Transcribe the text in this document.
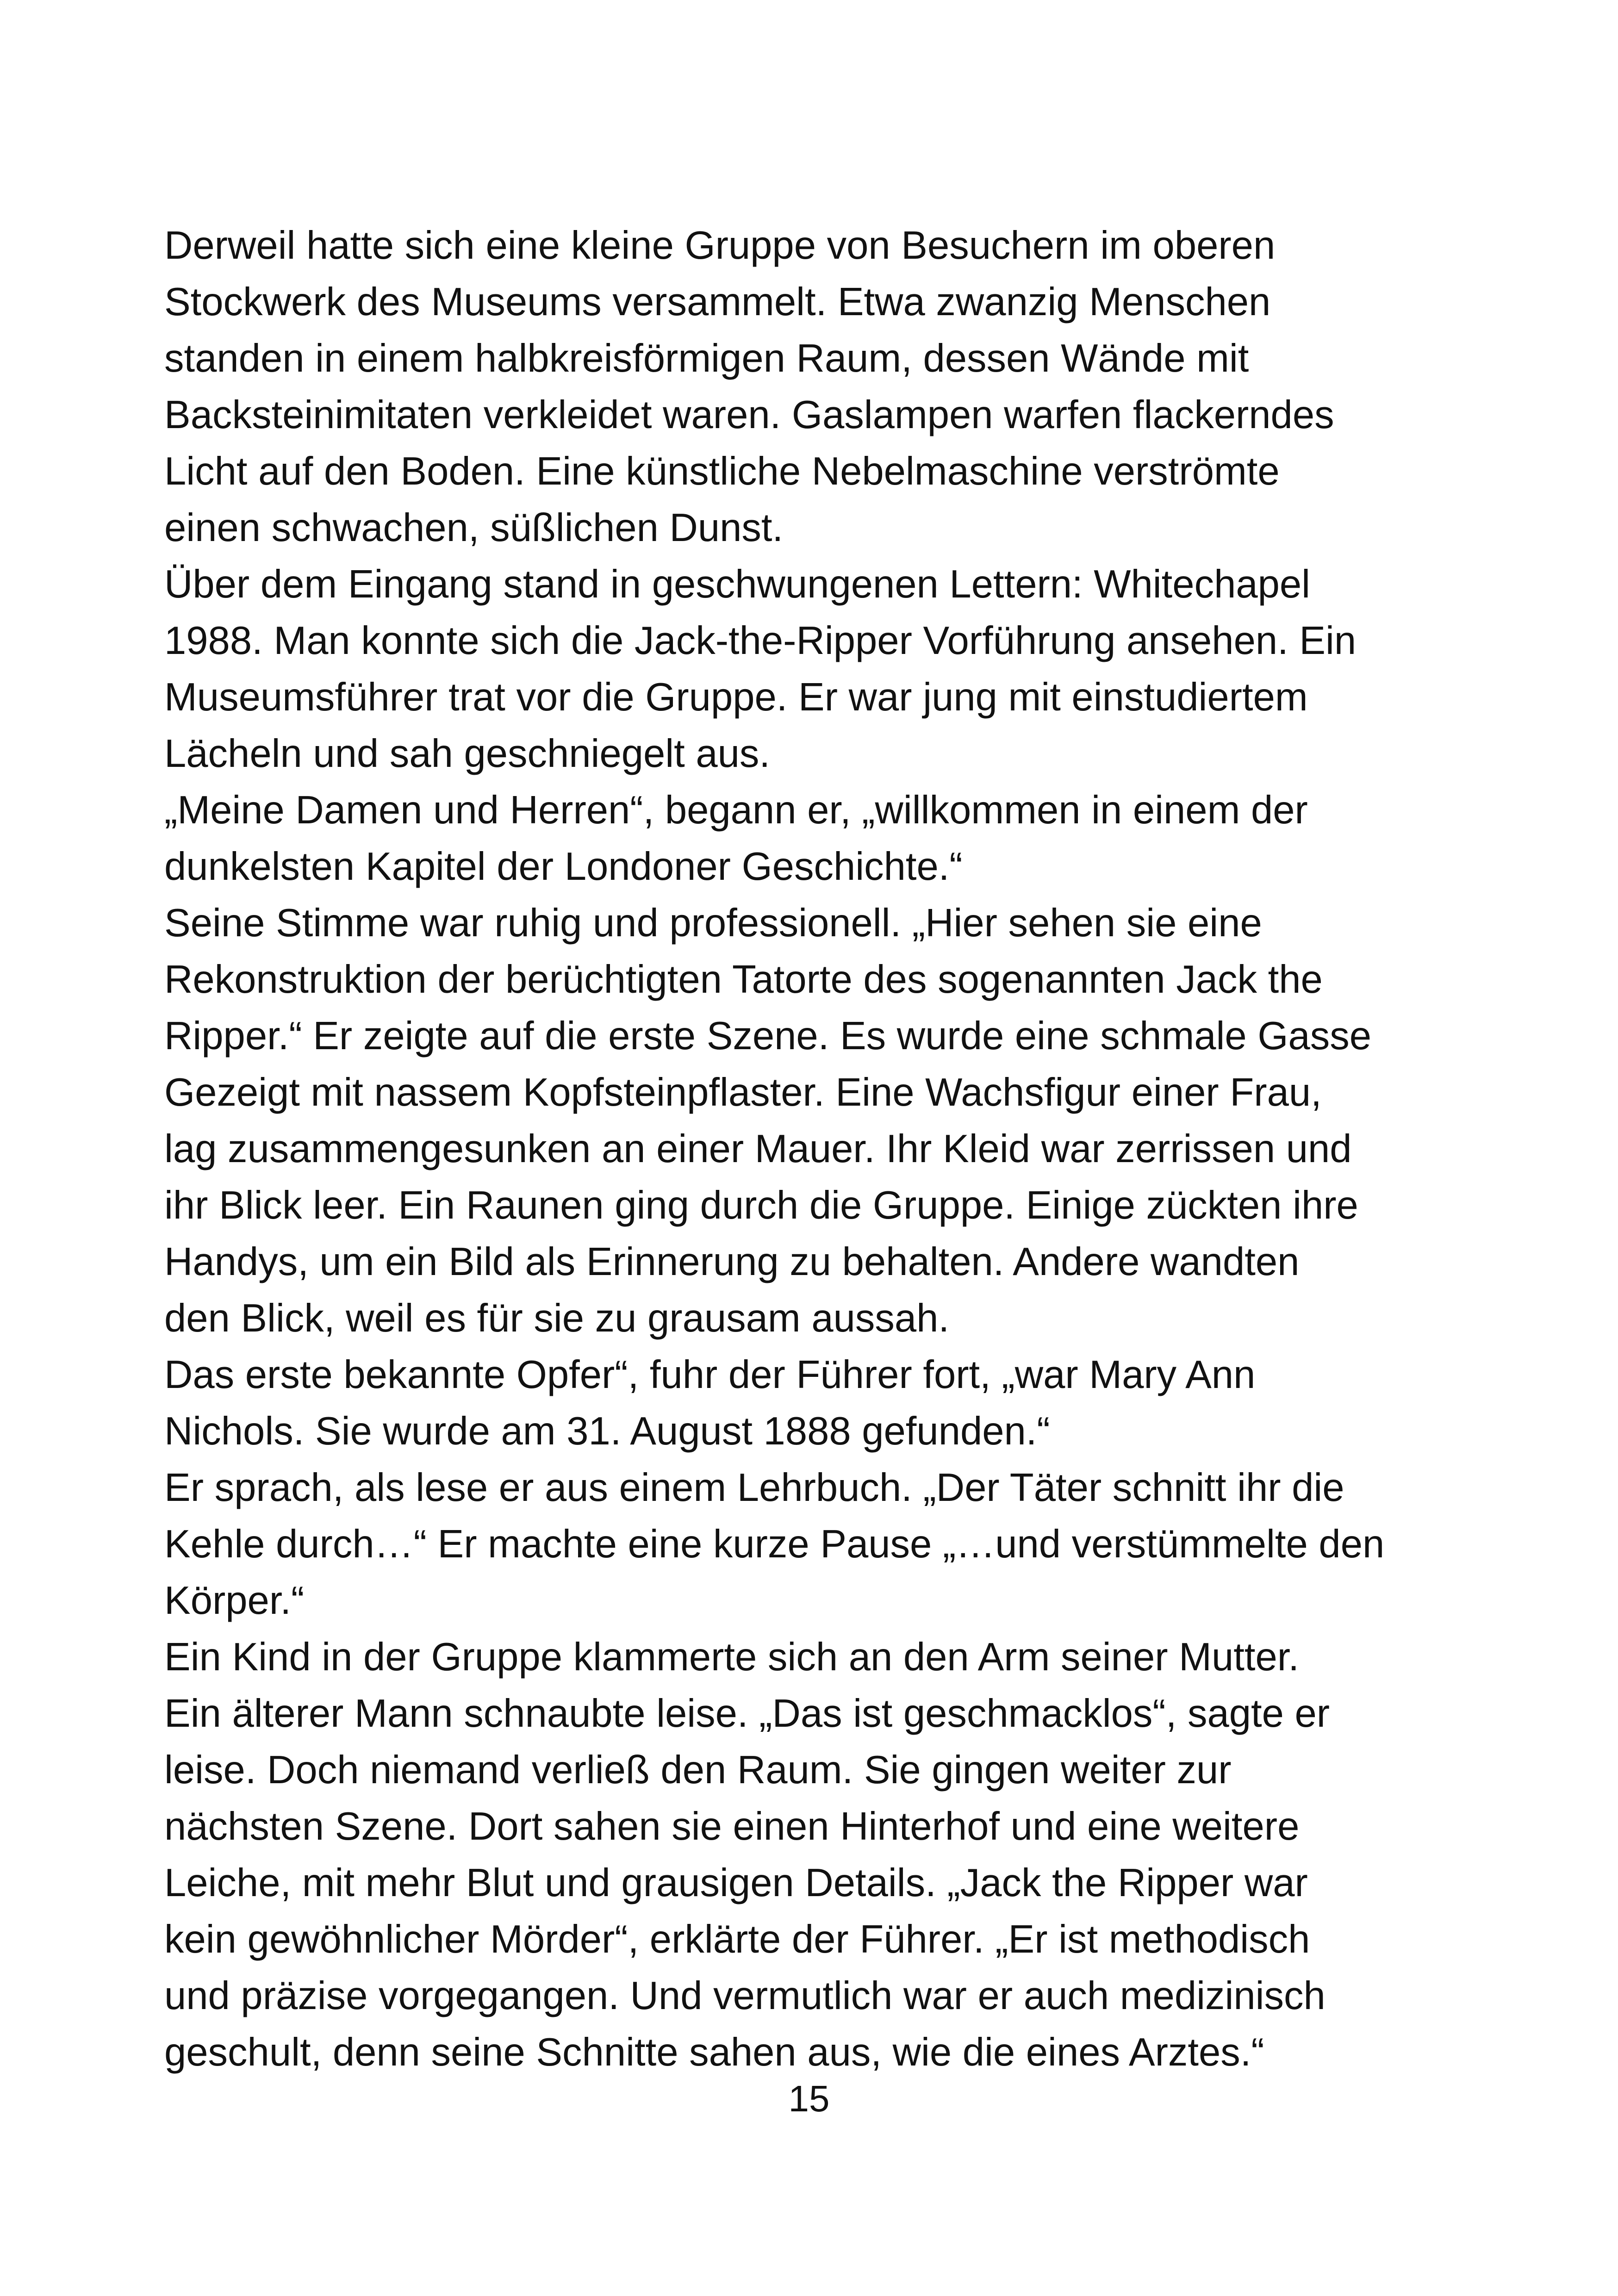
Derweil hatte sich eine kleine Gruppe von Besuchern im oberen
Stockwerk des Museums versammelt. Etwa zwanzig Menschen
standen in einem halbkreisförmigen Raum, dessen Wände mit
Backsteinimitaten verkleidet waren. Gaslampen warfen flackerndes
Licht auf den Boden. Eine künstliche Nebelmaschine verströmte
einen schwachen, süßlichen Dunst.

Über dem Eingang stand in geschwungenen Lettern: Whitechapel
1988. Man konnte sich die Jack-the-Ripper Vorführung ansehen. Ein
Museumsführer trat vor die Gruppe. Er war jung mit einstudiertem
Lächeln und sah geschniegelt aus.

„Meine Damen und Herren“, begann er, „willkommen in einem der
dunkelsten Kapitel der Londoner Geschichte.“

Seine Stimme war ruhig und professionell. „Hier sehen sie eine
Rekonstruktion der berüchtigten Tatorte des sogenannten Jack the
Ripper.“ Er zeigte auf die erste Szene. Es wurde eine schmale Gasse
Gezeigt mit nassem Kopfsteinpflaster. Eine Wachsfigur einer Frau,
lag zusammengesunken an einer Mauer. Ihr Kleid war zerrissen und
ihr Blick leer. Ein Raunen ging durch die Gruppe. Einige zückten ihre
Handys, um ein Bild als Erinnerung zu behalten. Andere wandten
den Blick, weil es für sie zu grausam aussah.

Das erste bekannte Opfer“, fuhr der Führer fort, „war Mary Ann
Nichols. Sie wurde am 31. August 1888 gefunden.“

Er sprach, als lese er aus einem Lehrbuch. „Der Täter schnitt ihr die
Kehle durch…“ Er machte eine kurze Pause „…und verstümmelte den
Körper.“

Ein Kind in der Gruppe klammerte sich an den Arm seiner Mutter.
Ein älterer Mann schnaubte leise. „Das ist geschmacklos“, sagte er
leise. Doch niemand verließ den Raum. Sie gingen weiter zur
nächsten Szene. Dort sahen sie einen Hinterhof und eine weitere
Leiche, mit mehr Blut und grausigen Details. „Jack the Ripper war
kein gewöhnlicher Mörder“, erklärte der Führer. „Er ist methodisch
und präzise vorgegangen. Und vermutlich war er auch medizinisch
geschult, denn seine Schnitte sahen aus, wie die eines Arztes.“

15
